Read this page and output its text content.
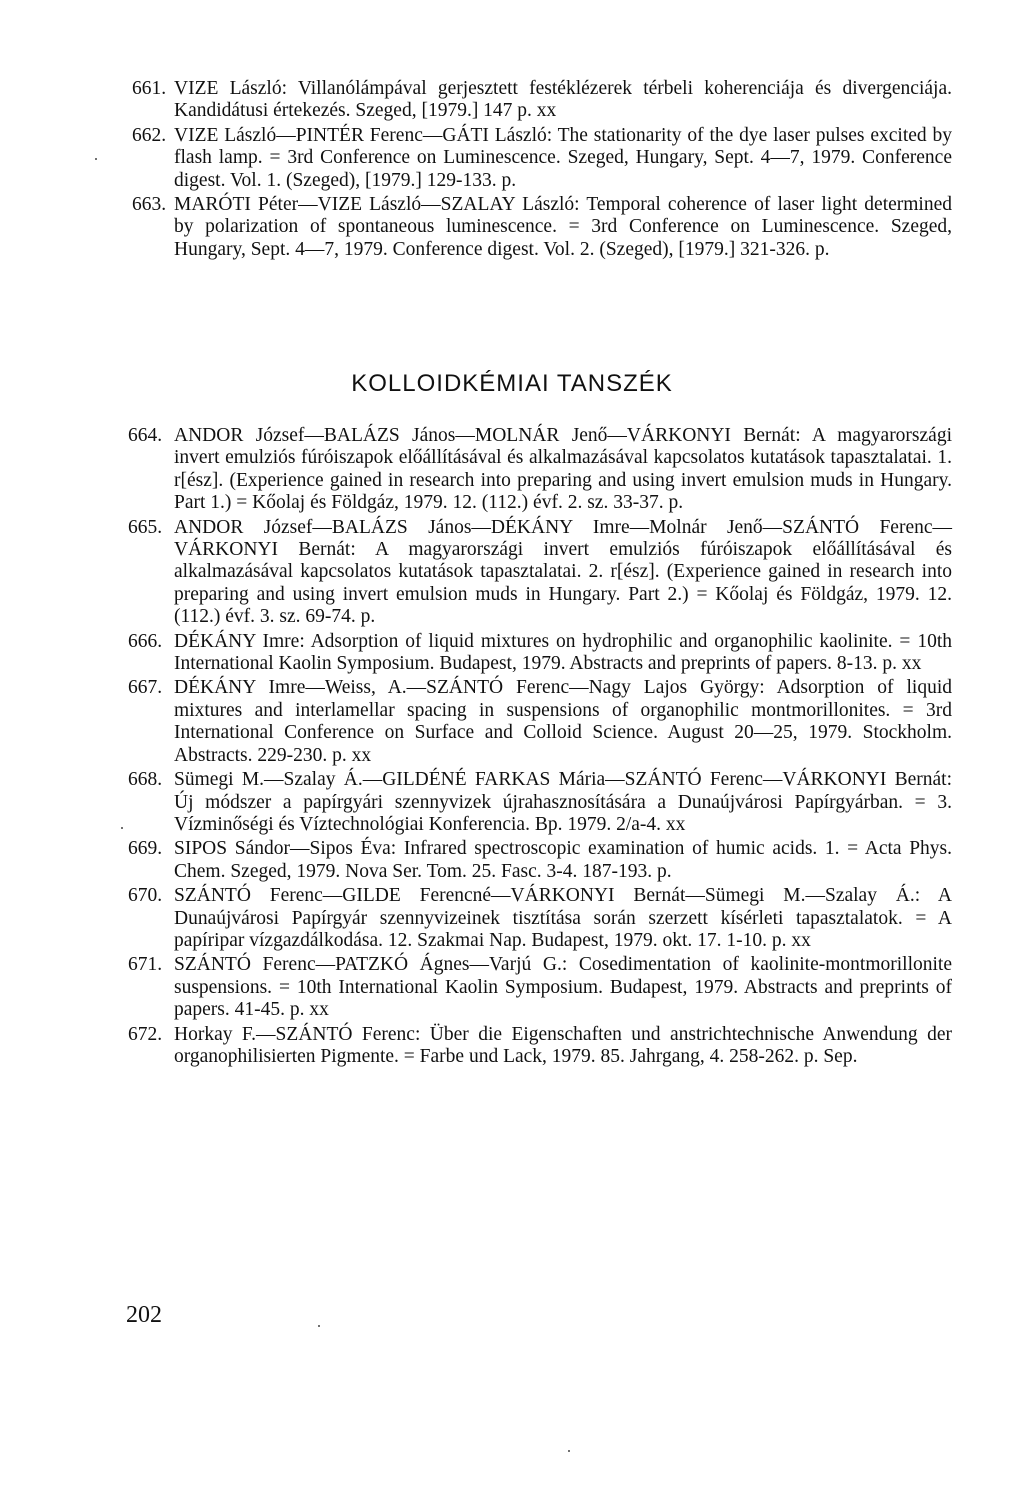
661. VIZE László: Villanólámpával gerjesztett festéklézerek térbeli koherenciája és divergenciája. Kandidátusi értekezés. Szeged, [1979.] 147 p. xx
662. VIZE László—PINTÉR Ferenc—GÁTI László: The stationarity of the dye laser pulses excited by flash lamp. = 3rd Conference on Luminescence. Szeged, Hungary, Sept. 4—7, 1979. Conference digest. Vol. 1. (Szeged), [1979.] 129-133. p.
663. MARÓTI Péter—VIZE László—SZALAY László: Temporal coherence of laser light determined by polarization of spontaneous luminescence. = 3rd Conference on Luminescence. Szeged, Hungary, Sept. 4—7, 1979. Conference digest. Vol. 2. (Szeged), [1979.] 321-326. p.
KOLLOIDKÉMIAI TANSZÉK
664. ANDOR József—BALÁZS János—MOLNÁR Jenő—VÁRKONYI Bernát: A magyarországi invert emulziós fúróiszapok előállításával és alkalmazásával kapcsolatos kutatások tapasztalatai. 1. r[ész]. (Experience gained in research into preparing and using invert emulsion muds in Hungary. Part 1.) = Kőolaj és Földgáz, 1979. 12. (112.) évf. 2. sz. 33-37. p.
665. ANDOR József—BALÁZS János—DÉKÁNY Imre—Molnár Jenő—SZÁNTÓ Ferenc—VÁRKONYI Bernát: A magyarországi invert emulziós fúróiszapok előállításával és alkalmazásával kapcsolatos kutatások tapasztalatai. 2. r[ész]. (Experience gained in research into preparing and using invert emulsion muds in Hungary. Part 2.) = Kőolaj és Földgáz, 1979. 12. (112.) évf. 3. sz. 69-74. p.
666. DÉKÁNY Imre: Adsorption of liquid mixtures on hydrophilic and organophilic kaolinite. = 10th International Kaolin Symposium. Budapest, 1979. Abstracts and preprints of papers. 8-13. p. xx
667. DÉKÁNY Imre—Weiss, A.—SZÁNTÓ Ferenc—Nagy Lajos György: Adsorption of liquid mixtures and interlamellar spacing in suspensions of organophilic montmorillonites. = 3rd International Conference on Surface and Colloid Science. August 20—25, 1979. Stockholm. Abstracts. 229-230. p. xx
668. Sümegi M.—Szalay Á.—GILDÉNÉ FARKAS Mária—SZÁNTÓ Ferenc—VÁRKONYI Bernát: Új módszer a papírgyári szennyvizek újrahasznosítására a Dunaújvárosi Papírgyárban. = 3. Vízminőségi és Víztechnológiai Konferencia. Bp. 1979. 2/a-4. xx
669. SIPOS Sándor—Sipos Éva: Infrared spectroscopic examination of humic acids. 1. = Acta Phys. Chem. Szeged, 1979. Nova Ser. Tom. 25. Fasc. 3-4. 187-193. p.
670. SZÁNTÓ Ferenc—GILDE Ferencné—VÁRKONYI Bernát—Sümegi M.—Szalay Á.: A Dunaújvárosi Papírgyár szennyvizeinek tisztítása során szerzett kísérleti tapasztalatok. = A papíripar vízgazdálkodása. 12. Szakmai Nap. Budapest, 1979. okt. 17. 1-10. p. xx
671. SZÁNTÓ Ferenc—PATZKÓ Ágnes—Varjú G.: Cosedimentation of kaolinite-montmorillonite suspensions. = 10th International Kaolin Symposium. Budapest, 1979. Abstracts and preprints of papers. 41-45. p. xx
672. Horkay F.—SZÁNTÓ Ferenc: Über die Eigenschaften und anstrichtechnische Anwendung der organophilisierten Pigmente. = Farbe und Lack, 1979. 85. Jahrgang, 4. 258-262. p. Sep.
202
